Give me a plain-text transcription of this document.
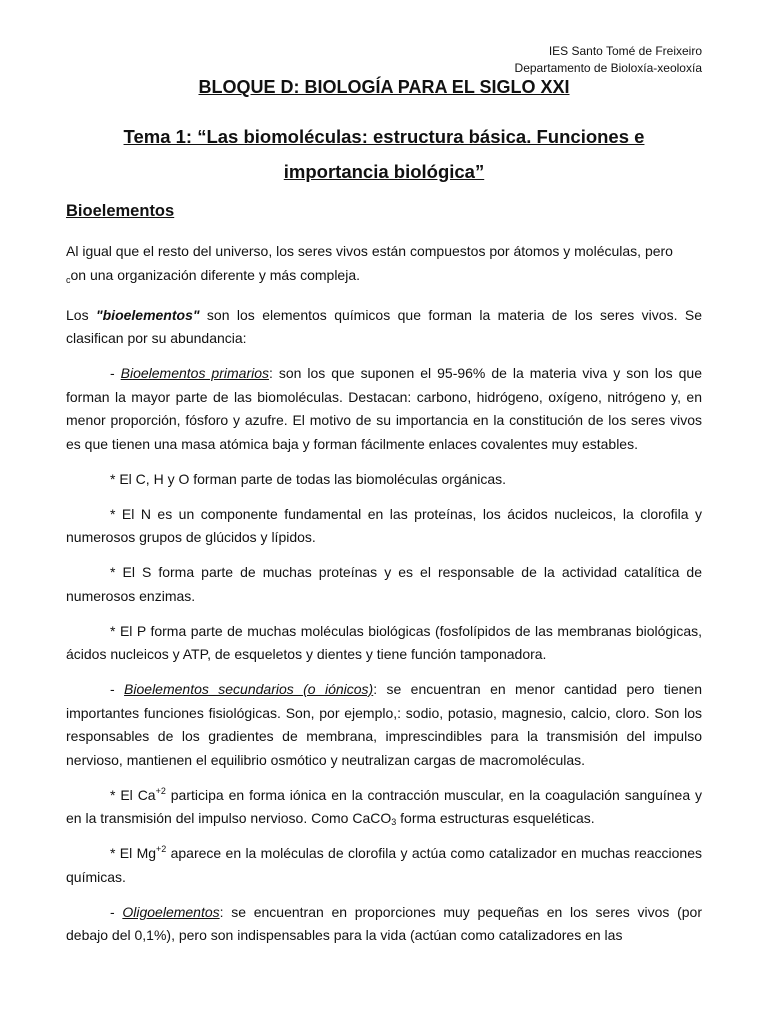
IES Santo Tomé de Freixeiro
Departamento de Bioloxía-xeoloxía
BLOQUE D: BIOLOGÍA PARA EL SIGLO XXI
Tema 1: “Las biomoléculas: estructura básica. Funciones e importancia biológica”
Bioelementos

Al igual que el resto del universo, los seres vivos están compuestos por átomos y moléculas, pero
$_c$on una organización diferente y más compleja.

Los "bioelementos" son los elementos químicos que forman la materia de los seres vivos. Se clasifican por su abundancia:

- Bioelementos primarios: son los que suponen el 95-96% de la materia viva y son los que forman la mayor parte de las biomoléculas. Destacan: carbono, hidrógeno, oxígeno, nitrógeno y, en menor proporción, fósforo y azufre. El motivo de su importancia en la constitución de los seres vivos es que tienen una masa atómica baja y forman fácilmente enlaces covalentes muy estables.

* El C, H y O forman parte de todas las biomoléculas orgánicas.

* El N es un componente fundamental en las proteínas, los ácidos nucleicos, la clorofila y numerosos grupos de glúcidos y lípidos.

* El S forma parte de muchas proteínas y es el responsable de la actividad catalítica de numerosos enzimas.

* El P forma parte de muchas moléculas biológicas (fosfolípidos de las membranas biológicas, ácidos nucleicos y ATP, de esqueletos y dientes y tiene función tamponadora.

- Bioelementos secundarios (o iónicos): se encuentran en menor cantidad pero tienen importantes funciones fisiológicas. Son, por ejemplo,: sodio, potasio, magnesio, calcio, cloro. Son los responsables de los gradientes de membrana, imprescindibles para la transmisión del impulso nervioso, mantienen el equilibrio osmótico y neutralizan cargas de macromoléculas.

* El $Ca^{+2}$ participa en forma iónica en la contracción muscular, en la coagulación sanguínea y en la transmisión del impulso nervioso. Como CaCO$_3$ forma estructuras esqueléticas.

* El $Mg^{+2}$ aparece en la moléculas de clorofila y actúa como catalizador en muchas reacciones químicas.

- Oligoelementos: se encuentran en proporciones muy pequeñas en los seres vivos (por debajo del 0,1%), pero son indispensables para la vida (actúan como catalizadores en las
